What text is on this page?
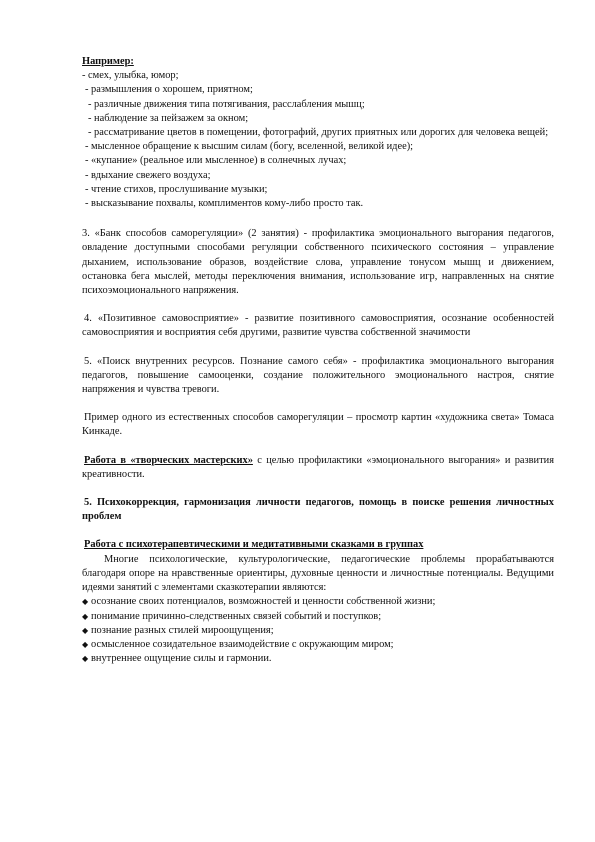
Например:

- смех, улыбка, юмор;
- размышления о хорошем, приятном;
- различные движения типа потягивания, расслабления мышц;
- наблюдение за пейзажем за окном;
- рассматривание цветов в помещении, фотографий, других приятных или дорогих для человека вещей;
- мысленное обращение к высшим силам (богу, вселенной, великой идее);
- «купание» (реальное или мысленное) в солнечных лучах;
- вдыхание свежего воздуха;
- чтение стихов, прослушивание музыки;
- высказывание похвалы, комплиментов кому-либо просто так.

3. «Банк способов саморегуляции» (2 занятия) - профилактика эмоционального выгорания педагогов, овладение доступными способами регуляции собственного психического состояния – управление дыханием, использование образов, воздействие слова, управление тонусом мышц и движением, остановка бега мыслей, методы переключения внимания, использование игр, направленных на снятие психоэмоционального напряжения.

4. «Позитивное самовосприятие» - развитие позитивного самовосприятия, осознание особенностей самовосприятия и восприятия себя другими, развитие чувства собственной значимости

5. «Поиск внутренних ресурсов. Познание самого себя» - профилактика эмоционального выгорания педагогов, повышение самооценки, создание положительного эмоционального настроя, снятие напряжения и чувства тревоги.

Пример одного из естественных способов саморегуляции – просмотр картин «художника света» Томаса Кинкаде.

Работа в «творческих мастерских» с целью профилактики «эмоционального выгорания» и развития креативности.

5. Психокоррекция, гармонизация личности педагогов, помощь в поиске решения личностных проблем

Работа с психотерапевтическими и медитативными сказками в группах

Многие психологические, культурологические, педагогические проблемы прорабатываются благодаря опоре на нравственные ориентиры, духовные ценности и личностные потенциалы. Ведущими идеями занятий с элементами сказкотерапии являются:

◆ осознание своих потенциалов, возможностей и ценности собственной жизни;
◆ понимание причинно-следственных связей событий и поступков;
◆ познание разных стилей мироощущения;
◆ осмысленное созидательное взаимодействие с окружающим миром;
◆ внутреннее ощущение силы и гармонии.
